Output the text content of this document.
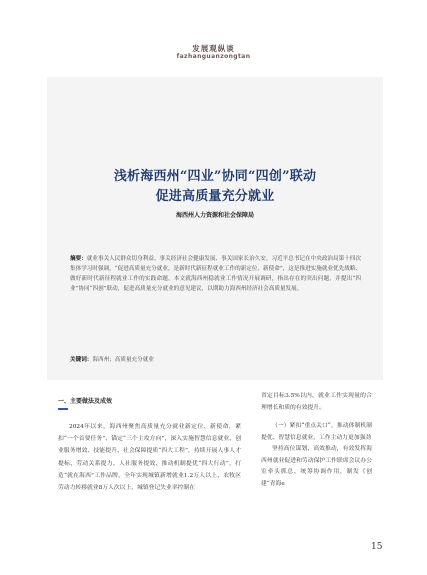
发展观纵谈
fazhanguanzongtan
浅析海西州“四业”协同“四创”联动
促进高质量充分就业
海西州人力资源和社会保障局
摘要：就业事关人民群众切身利益、事关经济社会健康发展、事关国家长治久安。习近平总书记在中央政治局第十四次集体学习时强调，“促进高质量充分就业，是新时代新征程就业工作的新定位、新使命”，这是推进实施就业优先战略、做好新时代新征程就业工作的实践命题。本文就海西州稳就业工作情况开展调研，指出存在的突出问题，并提出“四业”协同“四创”联动，促进高质量充分就业的意见建议，以期助力海西州经济社会高质量发展。
关键词：海西州；高质量充分就业
一、主要做法及成效
2024年以来，海西州聚焦高质量充分就业新定位、新使命，紧扣“一个首要任务”、锚定“三个主攻方向”，深入实施智慧信息就业、创业服务增效、技能提升、社会保障提质“四大工程”，持续开展人事人才提标、劳动关系提力、人社服务提效、推动机制提优“四大行动”，打造“就在海西”工作品牌，全年实现城镇新增就业1.2万人以上，农牧区劳动力转移就业8万人次以上，城镇登记失业率控制在

省定目标3.5%以内，就业工作实现量的合理增长和质的有效提升。

（一）紧扣“重点关口”，推动体制机制提优、智慧信息就业，工作主动力更加强劲

坚持高位谋划、高效推动，有效发挥海西州就业促进和劳动保护工作联席会议办公室牵头抓总、统筹协调作用，制发《创建“青海e

15
